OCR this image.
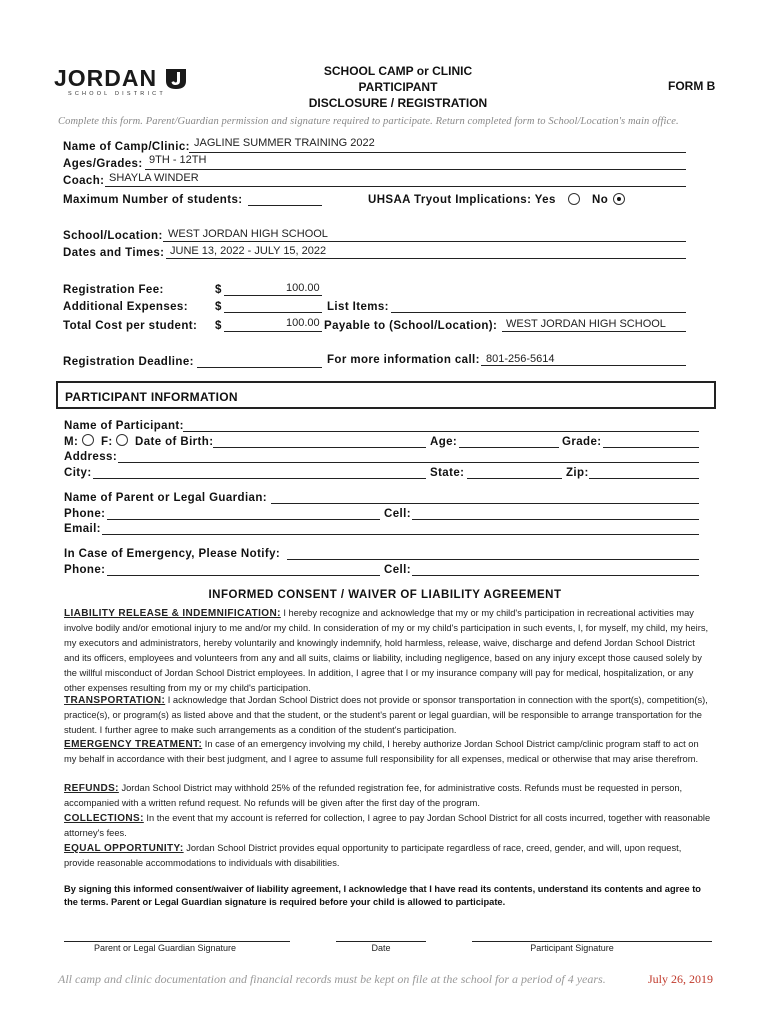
JORDAN
SCHOOL DISTRICT
SCHOOL CAMP or CLINIC
PARTICIPANT
DISCLOSURE / REGISTRATION
FORM B
Complete this form. Parent/Guardian permission and signature required to participate. Return completed form to School/Location's main office.
Name of Camp/Clinic: JAGLINE SUMMER TRAINING 2022
Ages/Grades: 9TH - 12TH
Coach: SHAYLA WINDER
Maximum Number of students:	UHSAA Tryout Implications: Yes	No
School/Location: WEST JORDAN HIGH SCHOOL
Dates and Times: JUNE 13, 2022 - JULY 15, 2022
Registration Fee:	$	100.00
Additional Expenses: $	List Items:
Total Cost per student: $	100.00 Payable to (School/Location): WEST JORDAN HIGH SCHOOL
Registration Deadline:	For more information call: 801-256-5614
PARTICIPANT INFORMATION
Name of Participant:
M: F: Date of Birth:	Age:	Grade:
Address:
City:	State:	Zip:
Name of Parent or Legal Guardian:
Phone:	Cell:
Email:
In Case of Emergency, Please Notify:
Phone:	Cell:
INFORMED CONSENT / WAIVER OF LIABILITY AGREEMENT
LIABILITY RELEASE & INDEMNIFICATION: I hereby recognize and acknowledge that my or my child's participation in recreational activities may involve bodily and/or emotional injury to me and/or my child. In consideration of my or my child's participation in such events, I, for myself, my child, my heirs, my executors and administrators, hereby voluntarily and knowingly indemnify, hold harmless, release, waive, discharge and defend Jordan School District and its officers, employees and volunteers from any and all suits, claims or liability, including negligence, based on any injury except those caused solely by the willful misconduct of Jordan School District employees. In addition, I agree that I or my insurance company will pay for medical, hospitalization, or any other expenses resulting from my or my child's participation.
TRANSPORTATION: I acknowledge that Jordan School District does not provide or sponsor transportation in connection with the sport(s), competition(s), practice(s), or program(s) as listed above and that the student, or the student's parent or legal guardian, will be responsible to arrange transportation for the student. I further agree to make such arrangements as a condition of the student's participation.
EMERGENCY TREATMENT: In case of an emergency involving my child, I hereby authorize Jordan School District camp/clinic program staff to act on my behalf in accordance with their best judgment, and I agree to assume full responsibility for all expenses, medical or otherwise that may arise therefrom.
REFUNDS: Jordan School District may withhold 25% of the refunded registration fee, for administrative costs. Refunds must be requested in person, accompanied with a written refund request. No refunds will be given after the first day of the program.
COLLECTIONS: In the event that my account is referred for collection, I agree to pay Jordan School District for all costs incurred, together with reasonable attorney's fees.
EQUAL OPPORTUNITY: Jordan School District provides equal opportunity to participate regardless of race, creed, gender, and will, upon request, provide reasonable accommodations to individuals with disabilities.
By signing this informed consent/waiver of liability agreement, I acknowledge that I have read its contents, understand its contents and agree to the terms. Parent or Legal Guardian signature is required before your child is allowed to participate.
Parent or Legal Guardian Signature	Date	Participant Signature
All camp and clinic documentation and financial records must be kept on file at the school for a period of 4 years.	July 26, 2019
